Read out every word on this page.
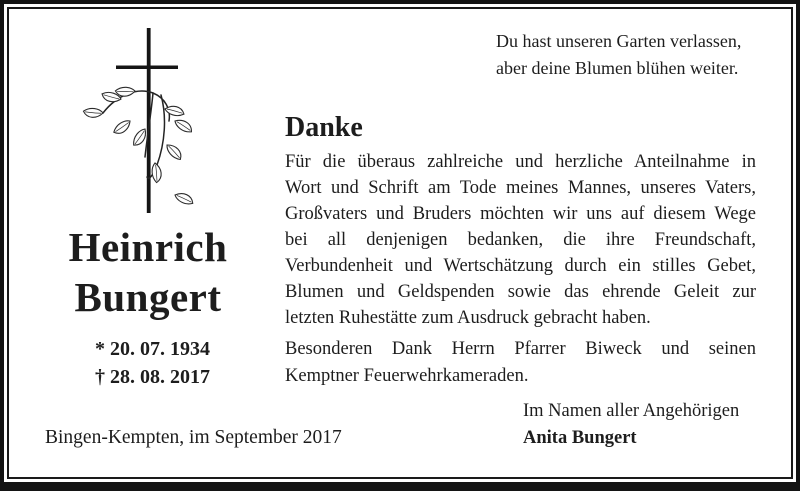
Du hast unseren Garten verlassen,
aber deine Blumen blühen weiter.
Heinrich
Bungert
* 20. 07. 1934
† 28. 08. 2017
Danke
Für die überaus zahlreiche und herzliche Anteilnahme in
Wort und Schrift am Tode meines Mannes, unseres Vaters,
Großvaters und Bruders möchten wir uns auf diesem Wege
bei all denjenigen bedanken, die ihre Freundschaft,
Verbundenheit und Wertschätzung durch ein stilles Gebet,
Blumen und Geldspenden sowie das ehrende Geleit zur
letzten Ruhestätte zum Ausdruck gebracht haben.
Besonderen Dank Herrn Pfarrer Biweck und seinen
Kemptner Feuerwehrkameraden.
Im Namen aller Angehörigen
Anita Bungert
Bingen-Kempten, im September 2017
